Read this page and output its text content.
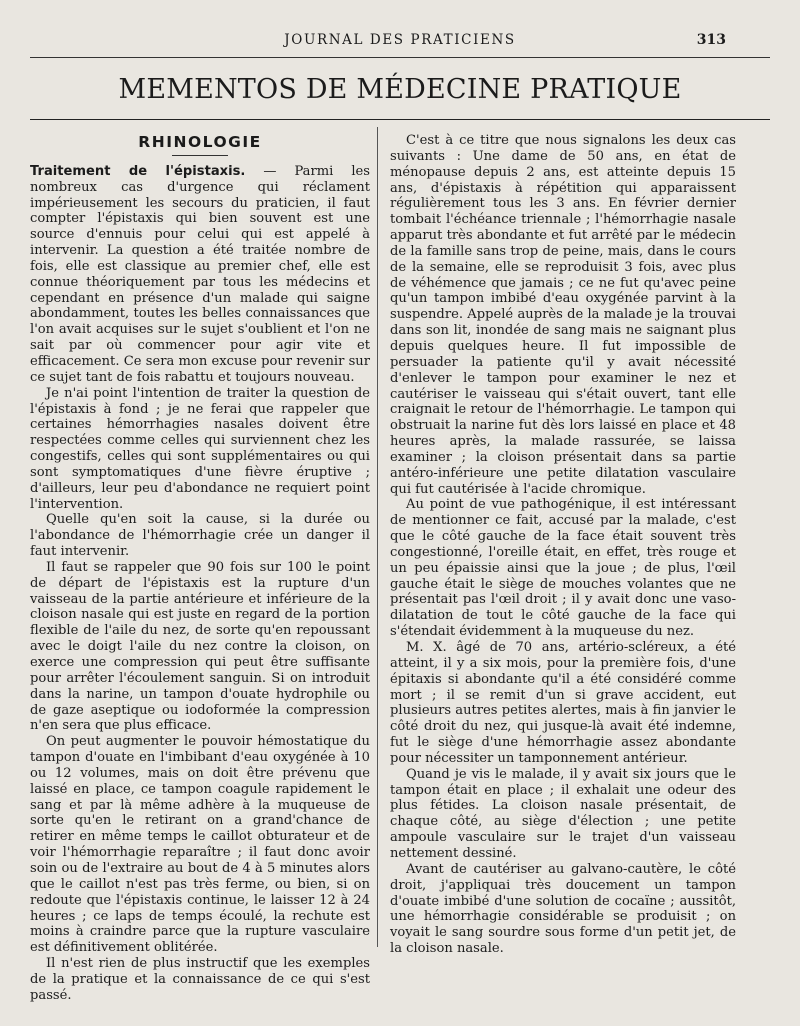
JOURNAL DES PRATICIENS	313
MEMENTOS DE MÉDECINE PRATIQUE
RHINOLOGIE

Traitement de l'épistaxis. — Parmi les nombreux cas d'urgence qui réclament impérieusement les secours du praticien, il faut compter l'épistaxis qui bien souvent est une source d'ennuis pour celui qui est appelé à intervenir. La question a été traitée nombre de fois, elle est classique au premier chef, elle est connue théoriquement par tous les médecins et cependant en présence d'un malade qui saigne abondamment, toutes les belles connaissances que l'on avait acquises sur le sujet s'oublient et l'on ne sait par où commencer pour agir vite et efficacement. Ce sera mon excuse pour revenir sur ce sujet tant de fois rabattu et toujours nouveau.

Je n'ai point l'intention de traiter la question de l'épistaxis à fond ; je ne ferai que rappeler que certaines hémorrhagies nasales doivent être respectées comme celles qui surviennent chez les congestifs, celles qui sont supplémentaires ou qui sont symptomatiques d'une fièvre éruptive ; d'ailleurs, leur peu d'abondance ne requiert point l'intervention.

Quelle qu'en soit la cause, si la durée ou l'abondance de l'hémorrhagie crée un danger il faut intervenir.

Il faut se rappeler que 90 fois sur 100 le point de départ de l'épistaxis est la rupture d'un vaisseau de la partie antérieure et inférieure de la cloison nasale qui est juste en regard de la portion flexible de l'aile du nez, de sorte qu'en repoussant avec le doigt l'aile du nez contre la cloison, on exerce une compression qui peut être suffisante pour arrêter l'écoulement sanguin. Si on introduit dans la narine, un tampon d'ouate hydrophile ou de gaze aseptique ou iodoformée la compression n'en sera que plus efficace.

On peut augmenter le pouvoir hémostatique du tampon d'ouate en l'imbibant d'eau oxygénée à 10 ou 12 volumes, mais on doit être prévenu que laissé en place, ce tampon coagule rapidement le sang et par là même adhère à la muqueuse de sorte qu'en le retirant on a grand'chance de retirer en même temps le caillot obturateur et de voir l'hémorrhagie reparaître ; il faut donc avoir soin ou de l'extraire au bout de 4 à 5 minutes alors que le caillot n'est pas très ferme, ou bien, si on redoute que l'épistaxis continue, le laisser 12 à 24 heures ; ce laps de temps écoulé, la rechute est moins à craindre parce que la rupture vasculaire est définitivement oblitérée.

Il n'est rien de plus instructif que les exemples de la pratique et la connaissance de ce qui s'est passé.

C'est à ce titre que nous signalons les deux cas suivants : Une dame de 50 ans, en état de ménopause depuis 2 ans, est atteinte depuis 15 ans, d'épistaxis à répétition qui apparaissent régulièrement tous les 3 ans. En février dernier tombait l'échéance triennale ; l'hémorrhagie nasale apparut très abondante et fut arrêté par le médecin de la famille sans trop de peine, mais, dans le cours de la semaine, elle se reproduisit 3 fois, avec plus de véhémence que jamais ; ce ne fut qu'avec peine qu'un tampon imbibé d'eau oxygénée parvint à la suspendre. Appelé auprès de la malade je la trouvai dans son lit, inondée de sang mais ne saignant plus depuis quelques heure. Il fut impossible de persuader la patiente qu'il y avait nécessité d'enlever le tampon pour examiner le nez et cautériser le vaisseau qui s'était ouvert, tant elle craignait le retour de l'hémorrhagie. Le tampon qui obstruait la narine fut dès lors laissé en place et 48 heures après, la malade rassurée, se laissa examiner ; la cloison présentait dans sa partie antéro-inférieure une petite dilatation vasculaire qui fut cautérisée à l'acide chromique.

Au point de vue pathogénique, il est intéressant de mentionner ce fait, accusé par la malade, c'est que le côté gauche de la face était souvent très congestionné, l'oreille était, en effet, très rouge et un peu épaissie ainsi que la joue ; de plus, l'œil gauche était le siège de mouches volantes que ne présentait pas l'œil droit ; il y avait donc une vaso-dilatation de tout le côté gauche de la face qui s'étendait évidemment à la muqueuse du nez.

M. X. âgé de 70 ans, artério-scléreux, a été atteint, il y a six mois, pour la première fois, d'une épitaxis si abondante qu'il a été considéré comme mort ; il se remit d'un si grave accident, eut plusieurs autres petites alertes, mais à fin janvier le côté droit du nez, qui jusque-là avait été indemne, fut le siège d'une hémorrhagie assez abondante pour nécessiter un tamponnement antérieur.

Quand je vis le malade, il y avait six jours que le tampon était en place ; il exhalait une odeur des plus fétides. La cloison nasale présentait, de chaque côté, au siège d'élection ; une petite ampoule vasculaire sur le trajet d'un vaisseau nettement dessiné.

Avant de cautériser au galvano-cautère, le côté droit, j'appliquai très doucement un tampon d'ouate imbibé d'une solution de cocaïne ; aussitôt, une hémorrhagie considérable se produisit ; on voyait le sang sourdre sous forme d'un petit jet, de la cloison nasale.
